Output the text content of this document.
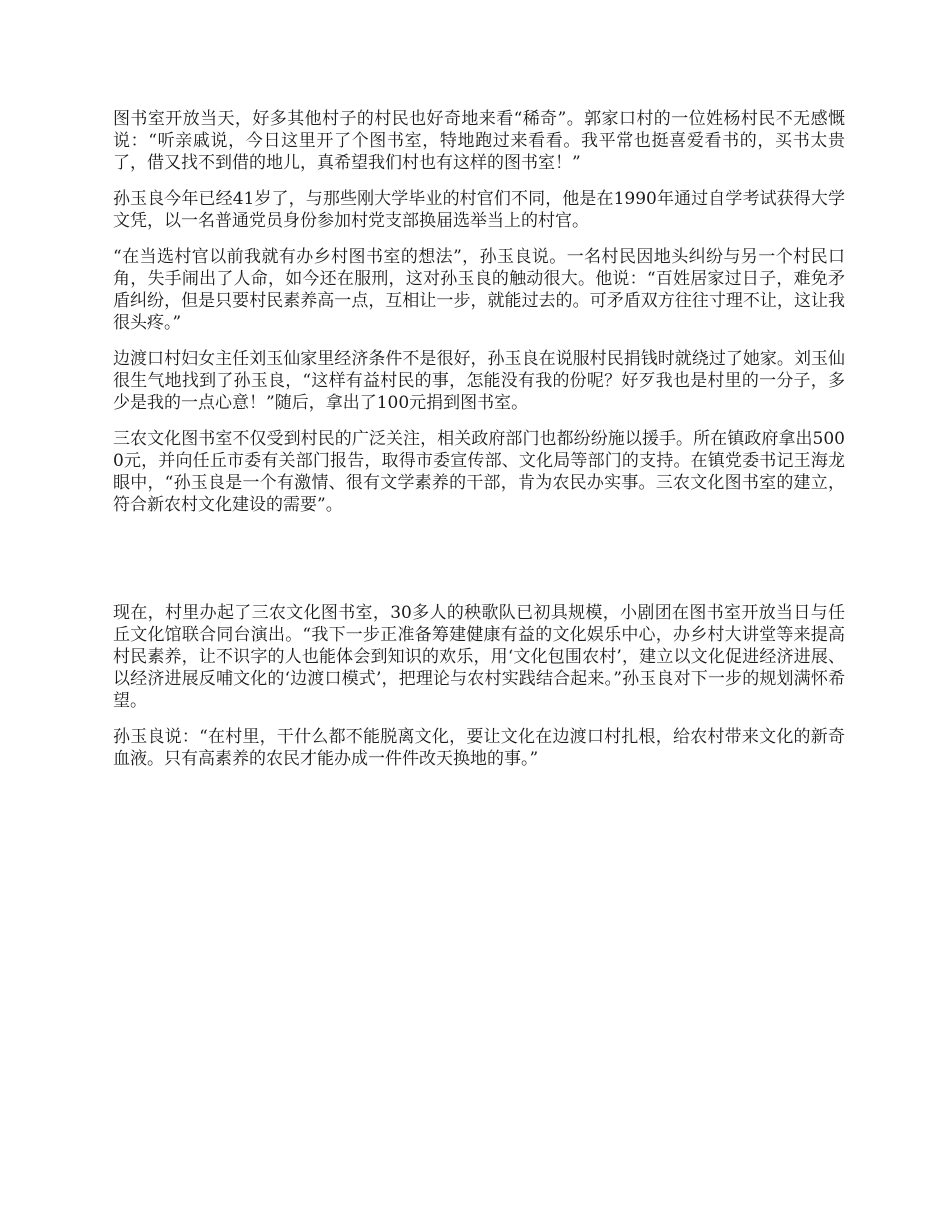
图书室开放当天，好多其他村子的村民也好奇地来看“稀奇”。郭家口村的一位姓杨村民不无感慨说：“听亲戚说，今日这里开了个图书室，特地跑过来看看。我平常也挺喜爱看书的，买书太贵了，借又找不到借的地儿，真希望我们村也有这样的图书室！”

孙玉良今年已经41岁了，与那些刚大学毕业的村官们不同，他是在1990年通过自学考试获得大学文凭，以一名普通党员身份参加村党支部换届选举当上的村官。

“在当选村官以前我就有办乡村图书室的想法”，孙玉良说。一名村民因地头纠纷与另一个村民口角，失手闹出了人命，如今还在服刑，这对孙玉良的触动很大。他说：“百姓居家过日子，难免矛盾纠纷，但是只要村民素养高一点，互相让一步，就能过去的。可矛盾双方往往寸理不让，这让我很头疼。”

边渡口村妇女主任刘玉仙家里经济条件不是很好，孙玉良在说服村民捐钱时就绕过了她家。刘玉仙很生气地找到了孙玉良，“这样有益村民的事，怎能没有我的份呢？好歹我也是村里的一分子，多少是我的一点心意！”随后，拿出了100元捐到图书室。

三农文化图书室不仅受到村民的广泛关注，相关政府部门也都纷纷施以援手。所在镇政府拿出5000元，并向任丘市委有关部门报告，取得市委宣传部、文化局等部门的支持。在镇党委书记王海龙眼中，“孙玉良是一个有激情、很有文学素养的干部，肯为农民办实事。三农文化图书室的建立，符合新农村文化建设的需要”。

现在，村里办起了三农文化图书室，30多人的秧歌队已初具规模，小剧团在图书室开放当日与任丘文化馆联合同台演出。“我下一步正准备筹建健康有益的文化娱乐中心，办乡村大讲堂等来提高村民素养，让不识字的人也能体会到知识的欢乐，用‘文化包围农村’，建立以文化促进经济进展、以经济进展反哺文化的‘边渡口模式’，把理论与农村实践结合起来。”孙玉良对下一步的规划满怀希望。

孙玉良说：“在村里，干什么都不能脱离文化，要让文化在边渡口村扎根，给农村带来文化的新奇血液。只有高素养的农民才能办成一件件改天换地的事。”
